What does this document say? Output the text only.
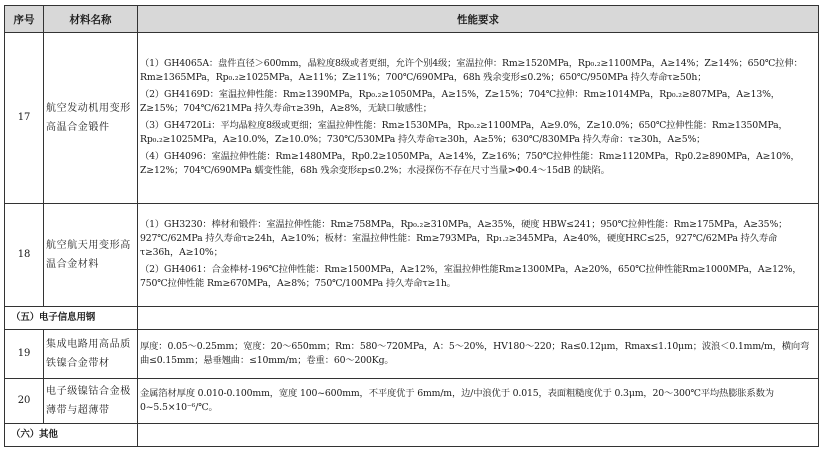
序号	材料名称	性能要求
17	航空发动机用变形高温合金锻件	（1）GH4065A：盘件直径＞600mm，晶粒度8级或者更细，允许个别4级；室温拉伸：Rm≥1520MPa，Rp₀.₂≥1100MPa，A≥14%；Z≥14%；650℃拉伸：Rm≥1365MPa，Rp₀.₂≥1025MPa，A≥11%；Z≥11%；700℃/690MPa，68h 残余变形≤0.2%；650℃/950MPa 持久寿命τ≥50h；
（2）GH4169D：室温拉伸性能：Rm≥1390MPa，Rp₀.₂≥1050MPa，A≥15%，Z≥15%；704℃拉伸：Rm≥1014MPa，Rp₀.₂≥807MPa，A≥13%，Z≥15%；704℃/621MPa 持久寿命τ≥39h，A≥8%，无缺口敏感性；
（3）GH4720Li：平均晶粒度8级或更细；室温拉伸性能：Rm≥1530MPa，Rp₀.₂≥1100MPa，A≥9.0%，Z≥10.0%；650℃拉伸性能：Rm≥1350MPa，Rp₀.₂≥1025MPa，A≥10.0%，Z≥10.0%；730℃/530MPa 持久寿命τ≥30h，A≥5%；630℃/830MPa 持久寿命：τ≥30h，A≥5%；
（4）GH4096：室温拉伸性能：Rm≥1480MPa，Rp0.2≥1050MPa，A≥14%，Z≥16%；750℃拉伸性能：Rm≥1120MPa，Rp0.2≥890MPa，A≥10%，Z≥12%；704℃/690MPa 蠕变性能，68h 残余变形εp≤0.2%；水浸探伤不存在尺寸当量>Φ0.4～15dB 的缺陷。

18	航空航天用变形高温合金材料	（1）GH3230：棒材和锻件：室温拉伸性能：Rm≥758MPa，Rp₀.₂≥310MPa，A≥35%，硬度 HBW≤241；950℃拉伸性能：Rm≥175MPa，A≥35%；927℃/62MPa 持久寿命τ≥24h，A≥10%；板材：室温拉伸性能：Rm≥793MPa，Rp₁.₂≥345MPa，A≥40%，硬度HRC≤25，927℃/62MPa 持久寿命τ≥36h，A≥10%；
（2）GH4061：合金棒材-196℃拉伸性能：Rm≥1500MPa，A≥12%，室温拉伸性能Rm≥1300MPa，A≥20%，650℃拉伸性能Rm≥1000MPa，A≥12%，750℃拉伸性能 Rm≥670MPa，A≥8%；750℃/100MPa 持久寿命τ≥1h。

（五）电子信息用钢		
19	集成电路用高品质铁镍合金带材	厚度：0.05～0.25mm；宽度：20～650mm；Rm：580～720MPa，A：5～20%，HV180～220；Ra≤0.12μm，Rmax≤1.10μm；波浪＜0.1mm/m，横向弯曲≤0.15mm；悬垂翘曲：≤10mm/m；卷重：60～200Kg。

20	电子级镍钴合金极薄带与超薄带	金属箔材厚度 0.010-0.100mm，宽度 100~600mm，不平度优于 6mm/m，边/中浪优于 0.015，表面粗糙度优于 0.3μm，20～300℃平均热膨胀系数为0~5.5×10⁻⁶/℃。

（六）其他		
